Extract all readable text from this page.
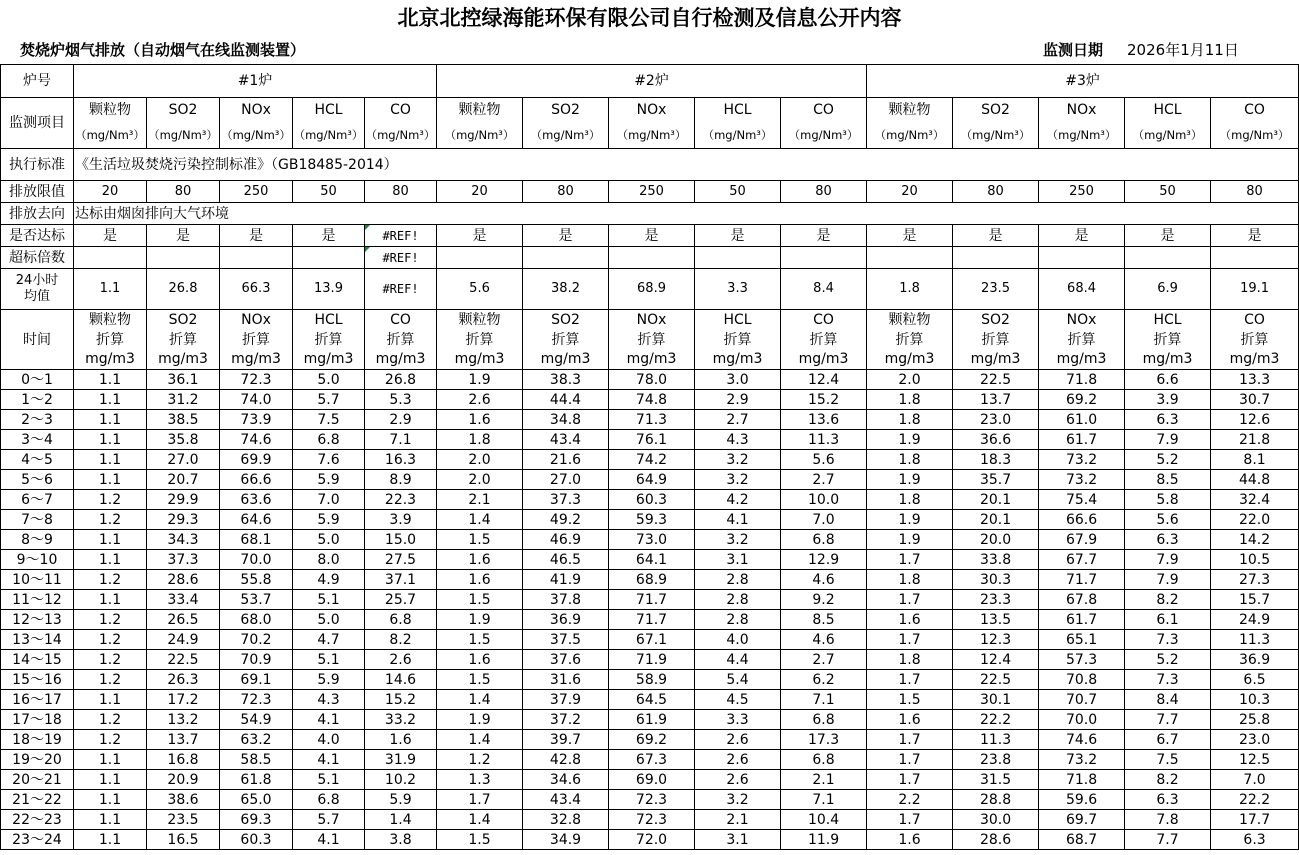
北京北控绿海能环保有限公司自行检测及信息公开内容
焚烧炉烟气排放（自动烟气在线监测装置）	监测日期 2026年1月11日
炉号	#1炉					#2炉					#3炉				
监测项目	颗粒物	SO2	NOx	HCL	CO	颗粒物	SO2	NOx	HCL	CO	颗粒物	SO2	NOx	HCL	CO
	（mg/Nm³）	（mg/Nm³）	（mg/Nm³）	（mg/Nm³）	（mg/Nm³）	（mg/Nm³）	（mg/Nm³）	（mg/Nm³）	（mg/Nm³）	（mg/Nm³）	（mg/Nm³）	（mg/Nm³）	（mg/Nm³）	（mg/Nm³）	（mg/Nm³）
执行标准	《生活垃圾焚烧污染控制标准》（GB18485-2014）														
排放限值	20	80	250	50	80	20	80	250	50	80	20	80	250	50	80
排放去向	达标由烟囱排向大气环境														
是否达标	是	是	是	是	#REF!	是	是	是	是	是	是	是	是	是	是
超标倍数					#REF!										
24小时
均值	1.1	26.8	66.3	13.9	#REF!	5.6	38.2	68.9	3.3	8.4	1.8	23.5	68.4	6.9	19.1
时间	颗粒物	SO2	NOx	HCL	CO	颗粒物	SO2	NOx	HCL	CO	颗粒物	SO2	NOx	HCL	CO
	折算	折算	折算	折算	折算	折算	折算	折算	折算	折算	折算	折算	折算	折算	折算
	mg/m3	mg/m3	mg/m3	mg/m3	mg/m3	mg/m3	mg/m3	mg/m3	mg/m3	mg/m3	mg/m3	mg/m3	mg/m3	mg/m3	mg/m3
0～1	1.1	36.1	72.3	5.0	26.8	1.9	38.3	78.0	3.0	12.4	2.0	22.5	71.8	6.6	13.3
1～2	1.1	31.2	74.0	5.7	5.3	2.6	44.4	74.8	2.9	15.2	1.8	13.7	69.2	3.9	30.7
2～3	1.1	38.5	73.9	7.5	2.9	1.6	34.8	71.3	2.7	13.6	1.8	23.0	61.0	6.3	12.6
3～4	1.1	35.8	74.6	6.8	7.1	1.8	43.4	76.1	4.3	11.3	1.9	36.6	61.7	7.9	21.8
4～5	1.1	27.0	69.9	7.6	16.3	2.0	21.6	74.2	3.2	5.6	1.8	18.3	73.2	5.2	8.1
5～6	1.1	20.7	66.6	5.9	8.9	2.0	27.0	64.9	3.2	2.7	1.9	35.7	73.2	8.5	44.8
6～7	1.2	29.9	63.6	7.0	22.3	2.1	37.3	60.3	4.2	10.0	1.8	20.1	75.4	5.8	32.4
7～8	1.2	29.3	64.6	5.9	3.9	1.4	49.2	59.3	4.1	7.0	1.9	20.1	66.6	5.6	22.0
8～9	1.1	34.3	68.1	5.0	15.0	1.5	46.9	73.0	3.2	6.8	1.9	20.0	67.9	6.3	14.2
9～10	1.1	37.3	70.0	8.0	27.5	1.6	46.5	64.1	3.1	12.9	1.7	33.8	67.7	7.9	10.5
10～11	1.2	28.6	55.8	4.9	37.1	1.6	41.9	68.9	2.8	4.6	1.8	30.3	71.7	7.9	27.3
11～12	1.1	33.4	53.7	5.1	25.7	1.5	37.8	71.7	2.8	9.2	1.7	23.3	67.8	8.2	15.7
12～13	1.2	26.5	68.0	5.0	6.8	1.9	36.9	71.7	2.8	8.5	1.6	13.5	61.7	6.1	24.9
13～14	1.2	24.9	70.2	4.7	8.2	1.5	37.5	67.1	4.0	4.6	1.7	12.3	65.1	7.3	11.3
14～15	1.2	22.5	70.9	5.1	2.6	1.6	37.6	71.9	4.4	2.7	1.8	12.4	57.3	5.2	36.9
15～16	1.2	26.3	69.1	5.9	14.6	1.5	31.6	58.9	5.4	6.2	1.7	22.5	70.8	7.3	6.5
16～17	1.1	17.2	72.3	4.3	15.2	1.4	37.9	64.5	4.5	7.1	1.5	30.1	70.7	8.4	10.3
17～18	1.2	13.2	54.9	4.1	33.2	1.9	37.2	61.9	3.3	6.8	1.6	22.2	70.0	7.7	25.8
18～19	1.2	13.7	63.2	4.0	1.6	1.4	39.7	69.2	2.6	17.3	1.7	11.3	74.6	6.7	23.0
19～20	1.1	16.8	58.5	4.1	31.9	1.2	42.8	67.3	2.6	6.8	1.7	23.8	73.2	7.5	12.5
20～21	1.1	20.9	61.8	5.1	10.2	1.3	34.6	69.0	2.6	2.1	1.7	31.5	71.8	8.2	7.0
21～22	1.1	38.6	65.0	6.8	5.9	1.7	43.4	72.3	3.2	7.1	2.2	28.8	59.6	6.3	22.2
22～23	1.1	23.5	69.3	5.7	1.4	1.4	32.8	72.3	2.1	10.4	1.7	30.0	69.7	7.8	17.7
23～24	1.1	16.5	60.3	4.1	3.8	1.5	34.9	72.0	3.1	11.9	1.6	28.6	68.7	7.7	6.3
